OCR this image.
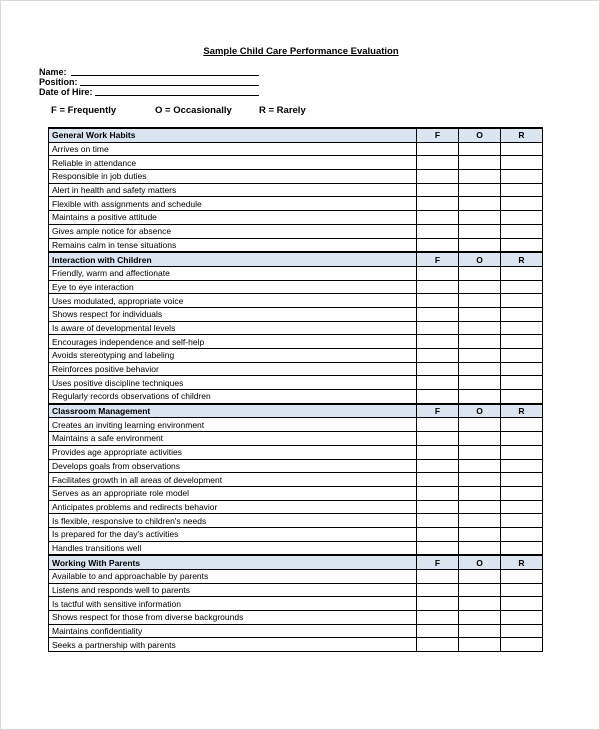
Sample Child Care Performance Evaluation
Name:
Position:
Date of Hire:
F = Frequently	O = Occasionally	R = Rarely
General Work Habits	F	O	R
Arrives on time			
Reliable in attendance			
Responsible in job duties			
Alert in health and safety matters			
Flexible with assignments and schedule			
Maintains a positive attitude			
Gives ample notice for absence			
Remains calm in tense situations			
Interaction with Children	F	O	R
Friendly, warm and affectionate			
Eye to eye interaction			
Uses modulated, appropriate voice			
Shows respect for individuals			
Is aware of developmental levels			
Encourages independence and self-help			
Avoids stereotyping and labeling			
Reinforces positive behavior			
Uses positive discipline techniques			
Regularly records observations of children			
Classroom Management	F	O	R
Creates an inviting learning environment			
Maintains a safe environment			
Provides age appropriate activities			
Develops goals from observations			
Facilitates growth in all areas of development			
Serves as an appropriate role model			
Anticipates problems and redirects behavior			
Is flexible, responsive to children's needs			
Is prepared for the day's activities			
Handles transitions well			
Working With Parents	F	O	R
Available to and approachable by parents			
Listens and responds well to parents			
Is tactful with sensitive information			
Shows respect for those from diverse backgrounds			
Maintains confidentiality			
Seeks a partnership with parents			
